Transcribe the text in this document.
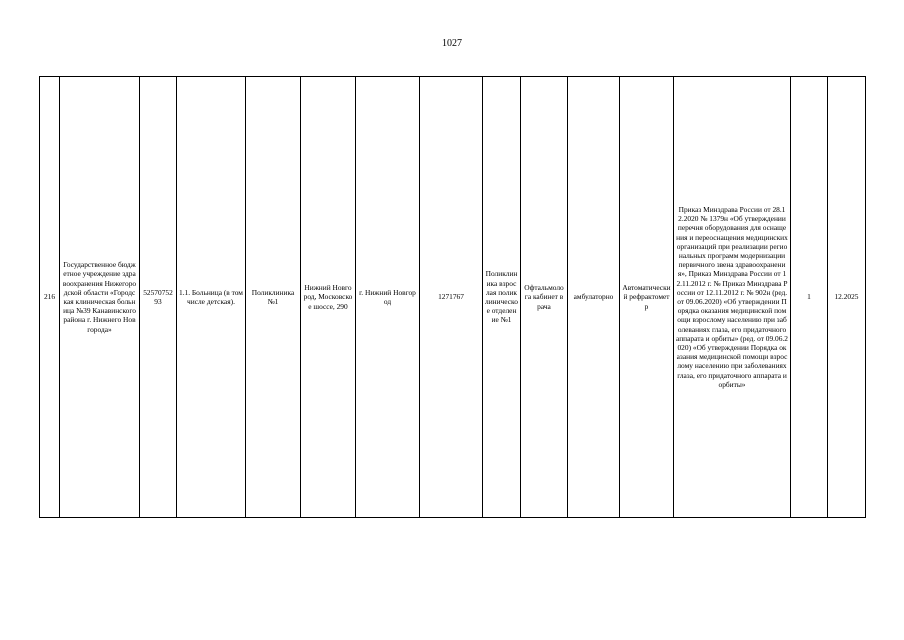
1027
216	Государственное бюджетное учреждение здравоохранения Нижегородской области «Городская клиническая больница №39 Канавинского района г. Нижнего Новгорода»	5257075293	1.1. Больница (в том числе детская).	Поликлиника №1	Нижний Новгород, Московское шоссе, 290	г. Нижний Новгород	1271767	Поликлиника взрослая поликлиническое отделение №1	Офтальмолога кабинет врача	амбулаторно	Автоматический рефрактометр	Приказ Минздрава России от 28.12.2020 № 1379н «Об утверждении перечня оборудования для оснащения и переоснащения медицинских организаций при реализации региональных программ модернизации первичного звена здравоохранения», Приказ Минздрава России от 12.11.2012 г. № Приказ Минздрава России от 12.11.2012 г. № 902н (ред. от 09.06.2020) «Об утверждении Порядка оказания медицинской помощи взрослому населению при заболеваниях глаза, его придаточного аппарата и орбиты» (ред. от 09.06.2020) «Об утверждении Порядка оказания медицинской помощи взрослому населению при заболеваниях глаза, его придаточного аппарата и орбиты»	1	12.2025
